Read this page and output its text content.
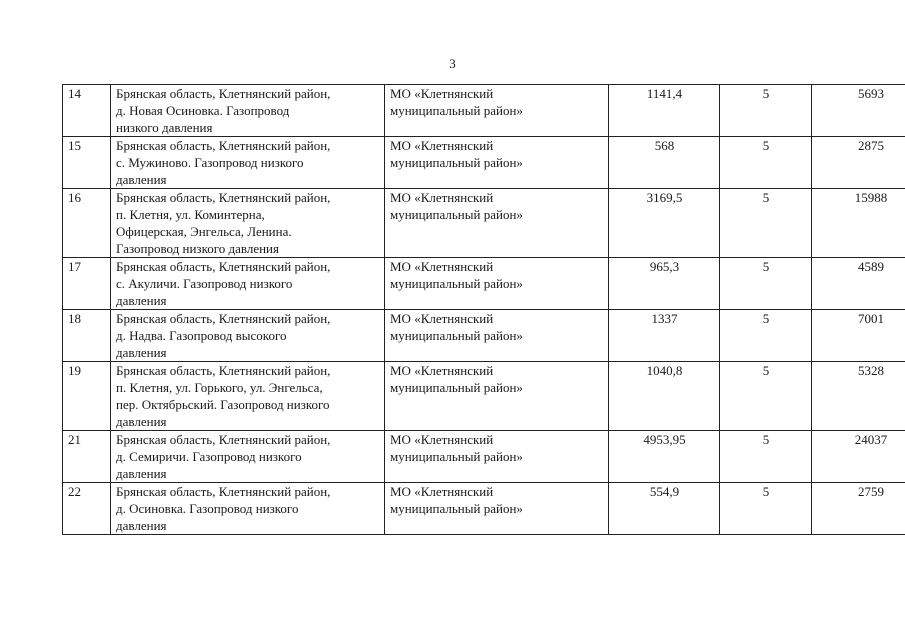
3
14	Брянская область, Клетнянский район,
д. Новая Осиновка. Газопровод
низкого давления	МО «Клетнянский
муниципальный район»	1141,4	5	5693
15	Брянская область, Клетнянский район,
с. Мужиново. Газопровод низкого
давления	МО «Клетнянский
муниципальный район»	568	5	2875
16	Брянская область, Клетнянский район,
п. Клетня, ул. Коминтерна,
Офицерская, Энгельса, Ленина.
Газопровод низкого давления	МО «Клетнянский
муниципальный район»	3169,5	5	15988
17	Брянская область, Клетнянский район,
с. Акуличи. Газопровод низкого
давления	МО «Клетнянский
муниципальный район»	965,3	5	4589
18	Брянская область, Клетнянский район,
д. Надва. Газопровод высокого
давления	МО «Клетнянский
муниципальный район»	1337	5	7001
19	Брянская область, Клетнянский район,
п. Клетня, ул. Горького, ул. Энгельса,
пер. Октябрьский. Газопровод низкого
давления	МО «Клетнянский
муниципальный район»	1040,8	5	5328
21	Брянская область, Клетнянский район,
д. Семиричи. Газопровод низкого
давления	МО «Клетнянский
муниципальный район»	4953,95	5	24037
22	Брянская область, Клетнянский район,
д. Осиновка. Газопровод низкого
давления	МО «Клетнянский
муниципальный район»	554,9	5	2759
